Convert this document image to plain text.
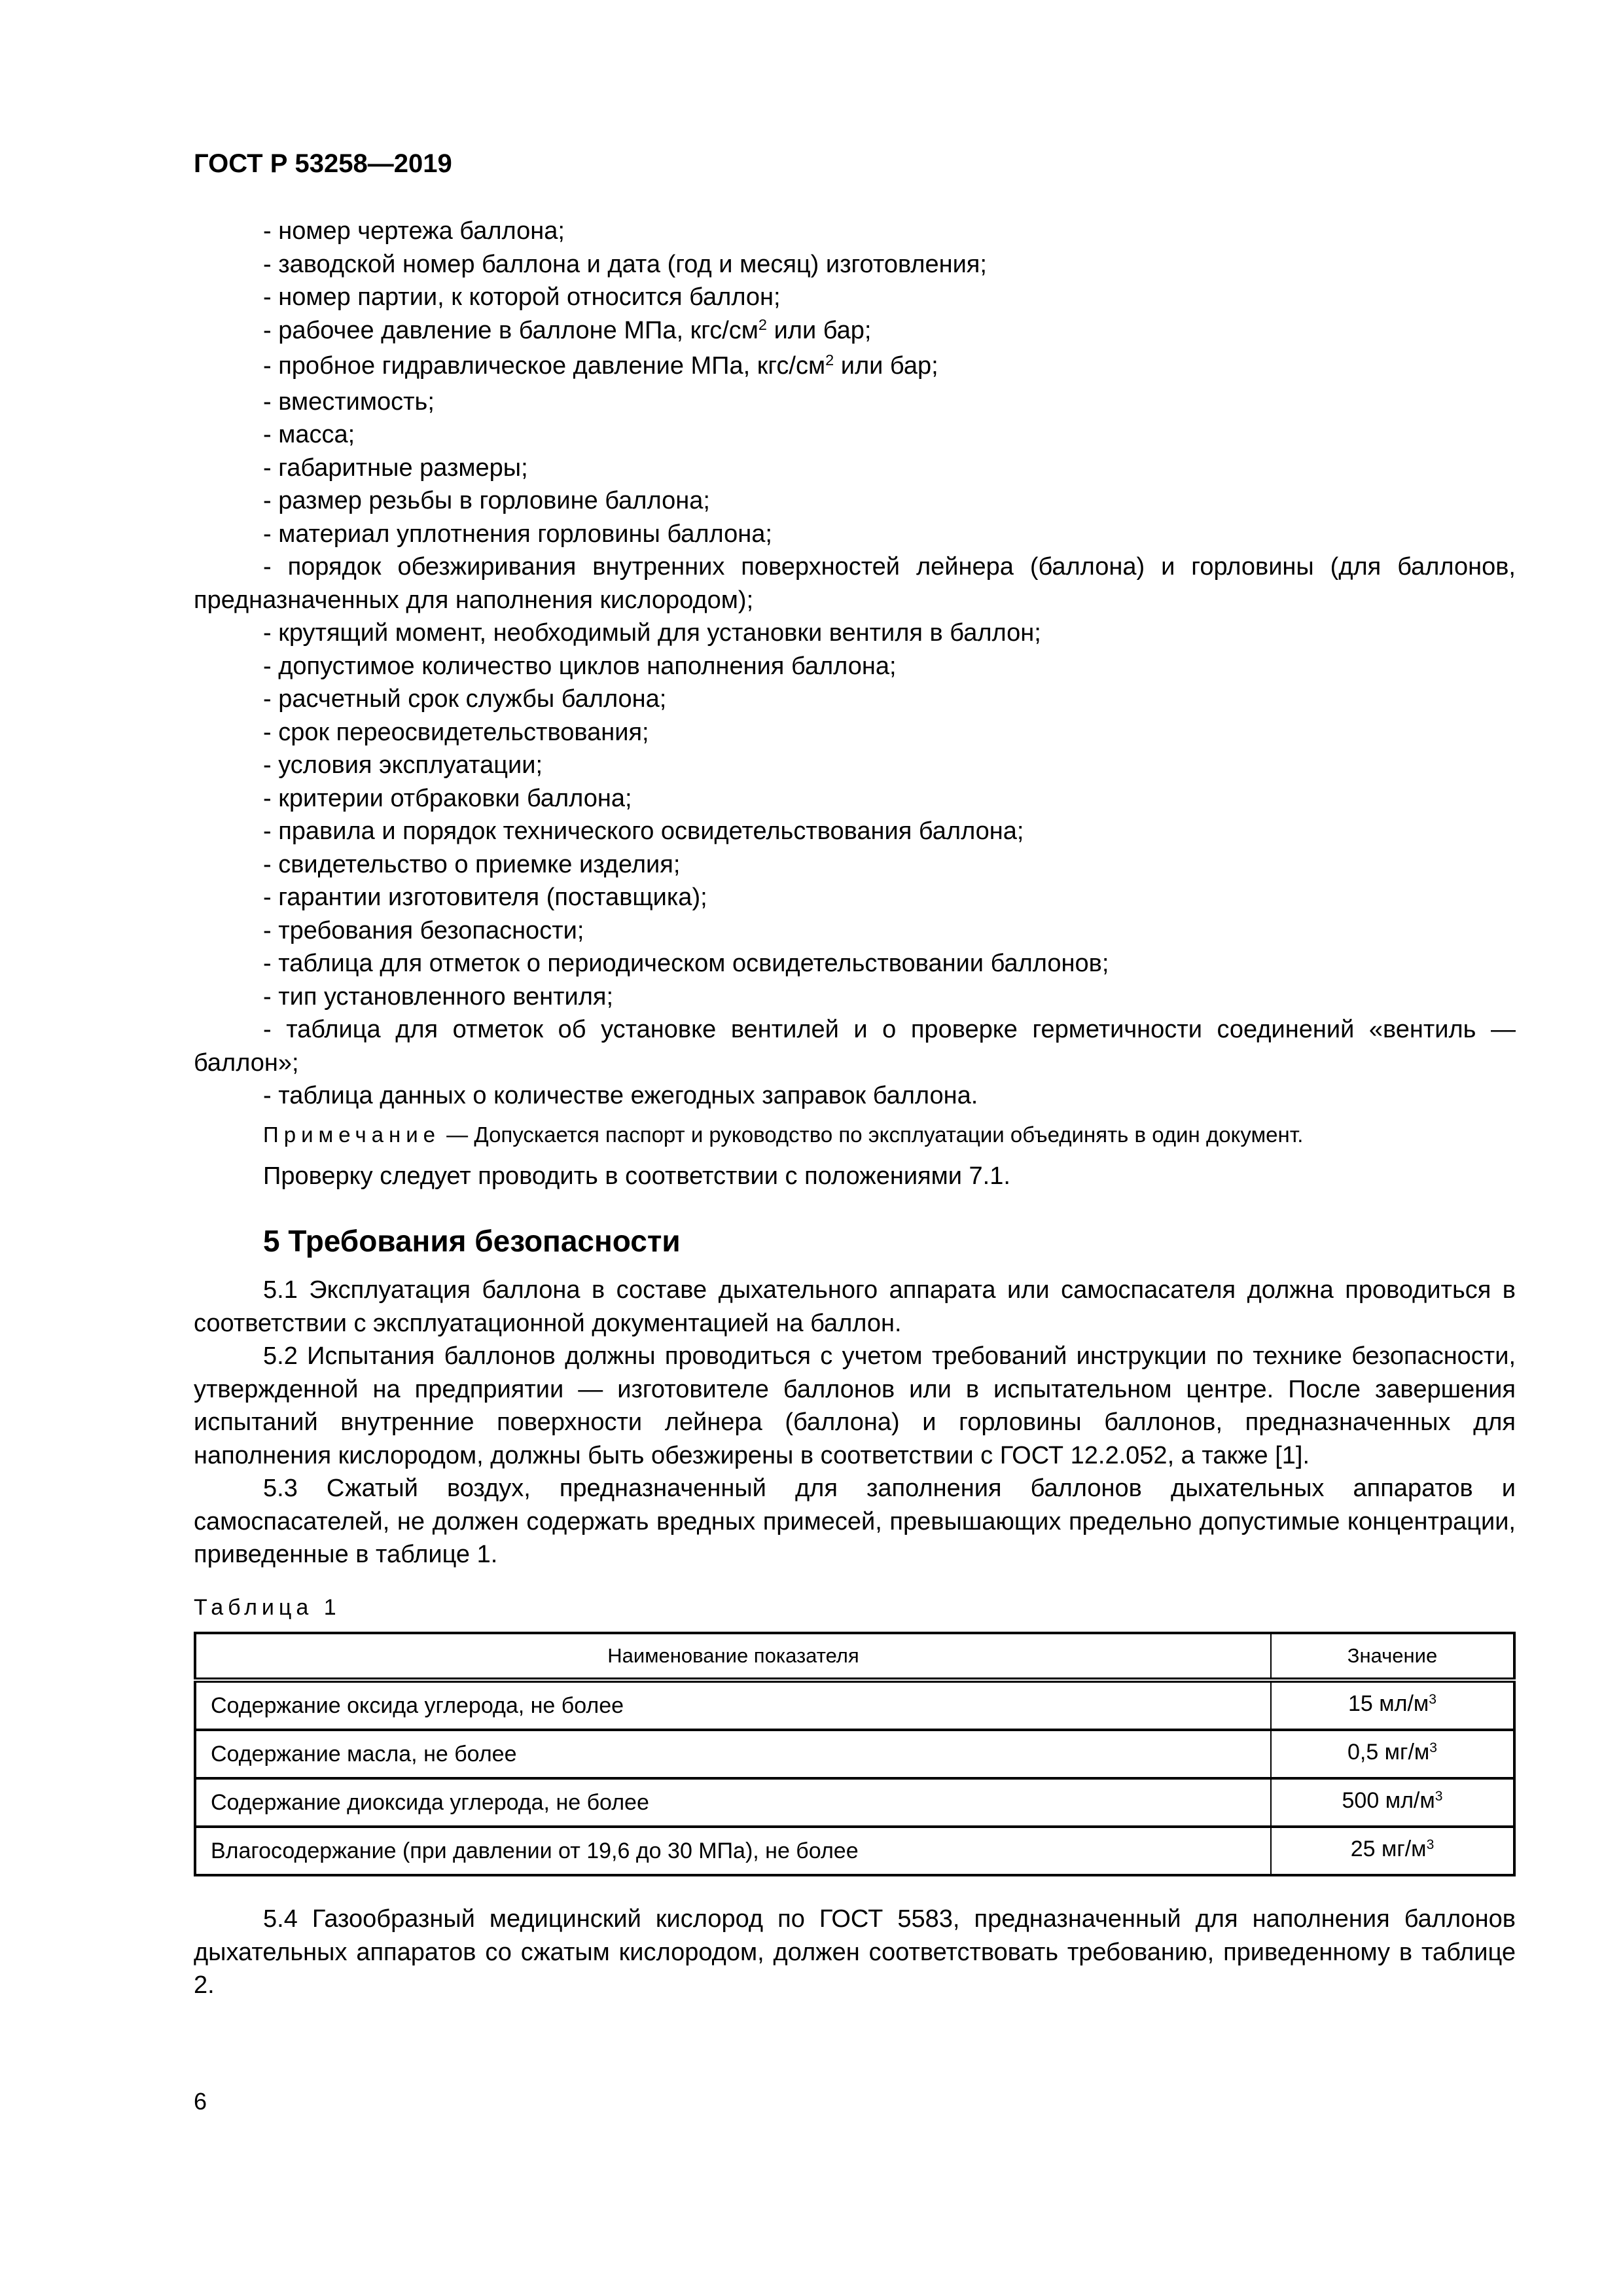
ГОСТ Р 53258—2019
- номер чертежа баллона;
- заводской номер баллона и дата (год и месяц) изготовления;
- номер партии, к которой относится баллон;
- рабочее давление в баллоне МПа, кгс/$см^2$ или бар;
- пробное гидравлическое давление МПа, кгс/$см^2$ или бар;
- вместимость;
- масса;
- габаритные размеры;
- размер резьбы в горловине баллона;
- материал уплотнения горловины баллона;
- порядок обезжиривания внутренних поверхностей лейнера (баллона) и горловины (для баллонов, предназначенных для наполнения кислородом);
- крутящий момент, необходимый для установки вентиля в баллон;
- допустимое количество циклов наполнения баллона;
- расчетный срок службы баллона;
- срок переосвидетельствования;
- условия эксплуатации;
- критерии отбраковки баллона;
- правила и порядок технического освидетельствования баллона;
- свидетельство о приемке изделия;
- гарантии изготовителя (поставщика);
- требования безопасности;
- таблица для отметок о периодическом освидетельствовании баллонов;
- тип установленного вентиля;
- таблица для отметок об установке вентилей и о проверке герметичности соединений «вентиль — баллон»;
- таблица данных о количестве ежегодных заправок баллона.
Примечание — Допускается паспорт и руководство по эксплуатации объединять в один документ.
Проверку следует проводить в соответствии с положениями 7.1.
5 Требования безопасности
5.1 Эксплуатация баллона в составе дыхательного аппарата или самоспасателя должна проводиться в соответствии с эксплуатационной документацией на баллон.
5.2 Испытания баллонов должны проводиться с учетом требований инструкции по технике безопасности, утвержденной на предприятии — изготовителе баллонов или в испытательном центре. После завершения испытаний внутренние поверхности лейнера (баллона) и горловины баллонов, предназначенных для наполнения кислородом, должны быть обезжирены в соответствии с ГОСТ 12.2.052, а также [1].
5.3 Сжатый воздух, предназначенный для заполнения баллонов дыхательных аппаратов и самоспасателей, не должен содержать вредных примесей, превышающих предельно допустимые концентрации, приведенные в таблице 1.
Таблица 1
Наименование показателя	Значение
Содержание оксида углерода, не более	15 $мл/м^3$
Содержание масла, не более	0,5 $мг/м^3$
Содержание диоксида углерода, не более	500 $мл/м^3$
Влагосодержание (при давлении от 19,6 до 30 МПа), не более	25 $мг/м^3$
5.4 Газообразный медицинский кислород по ГОСТ 5583, предназначенный для наполнения баллонов дыхательных аппаратов со сжатым кислородом, должен соответствовать требованию, приведенному в таблице 2.
6
